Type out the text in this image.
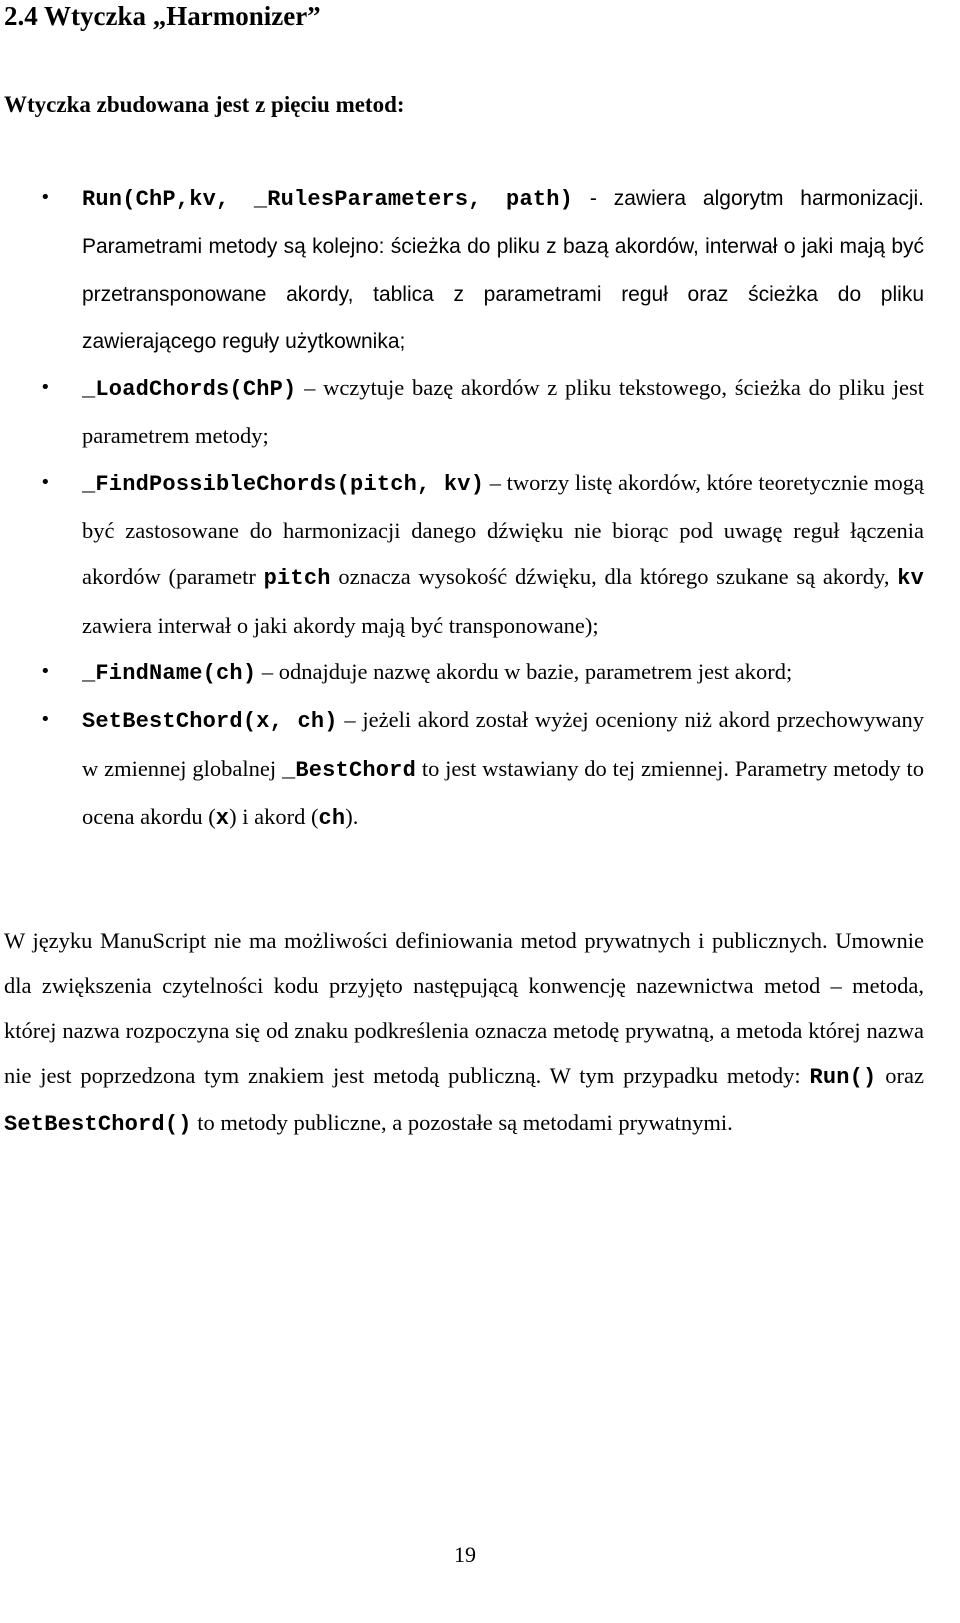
2.4 Wtyczka „Harmonizer”

Wtyczka zbudowana jest z pięciu metod:

• Run(ChP,kv, _RulesParameters, path) - zawiera algorytm harmonizacji. Parametrami metody są kolejno: ścieżka do pliku z bazą akordów, interwał o jaki mają być przetransponowane akordy, tablica z parametrami reguł oraz ścieżka do pliku zawierającego reguły użytkownika;
• _LoadChords(ChP) – wczytuje bazę akordów z pliku tekstowego, ścieżka do pliku jest parametrem metody;
• _FindPossibleChords(pitch, kv) – tworzy listę akordów, które teoretycznie mogą być zastosowane do harmonizacji danego dźwięku nie biorąc pod uwagę reguł łączenia akordów (parametr pitch oznacza wysokość dźwięku, dla którego szukane są akordy, kv zawiera interwał o jaki akordy mają być transponowane);
• _FindName(ch) – odnajduje nazwę akordu w bazie, parametrem jest akord;
• SetBestChord(x, ch) – jeżeli akord został wyżej oceniony niż akord przechowywany w zmiennej globalnej _BestChord to jest wstawiany do tej zmiennej. Parametry metody to ocena akordu (x) i akord (ch).

W języku ManuScript nie ma możliwości definiowania metod prywatnych i publicznych. Umownie dla zwiększenia czytelności kodu przyjęto następującą konwencję nazewnictwa metod – metoda, której nazwa rozpoczyna się od znaku podkreślenia oznacza metodę prywatną, a metoda której nazwa nie jest poprzedzona tym znakiem jest metodą publiczną. W tym przypadku metody: Run() oraz SetBestChord() to metody publiczne, a pozostałe są metodami prywatnymi.

19
